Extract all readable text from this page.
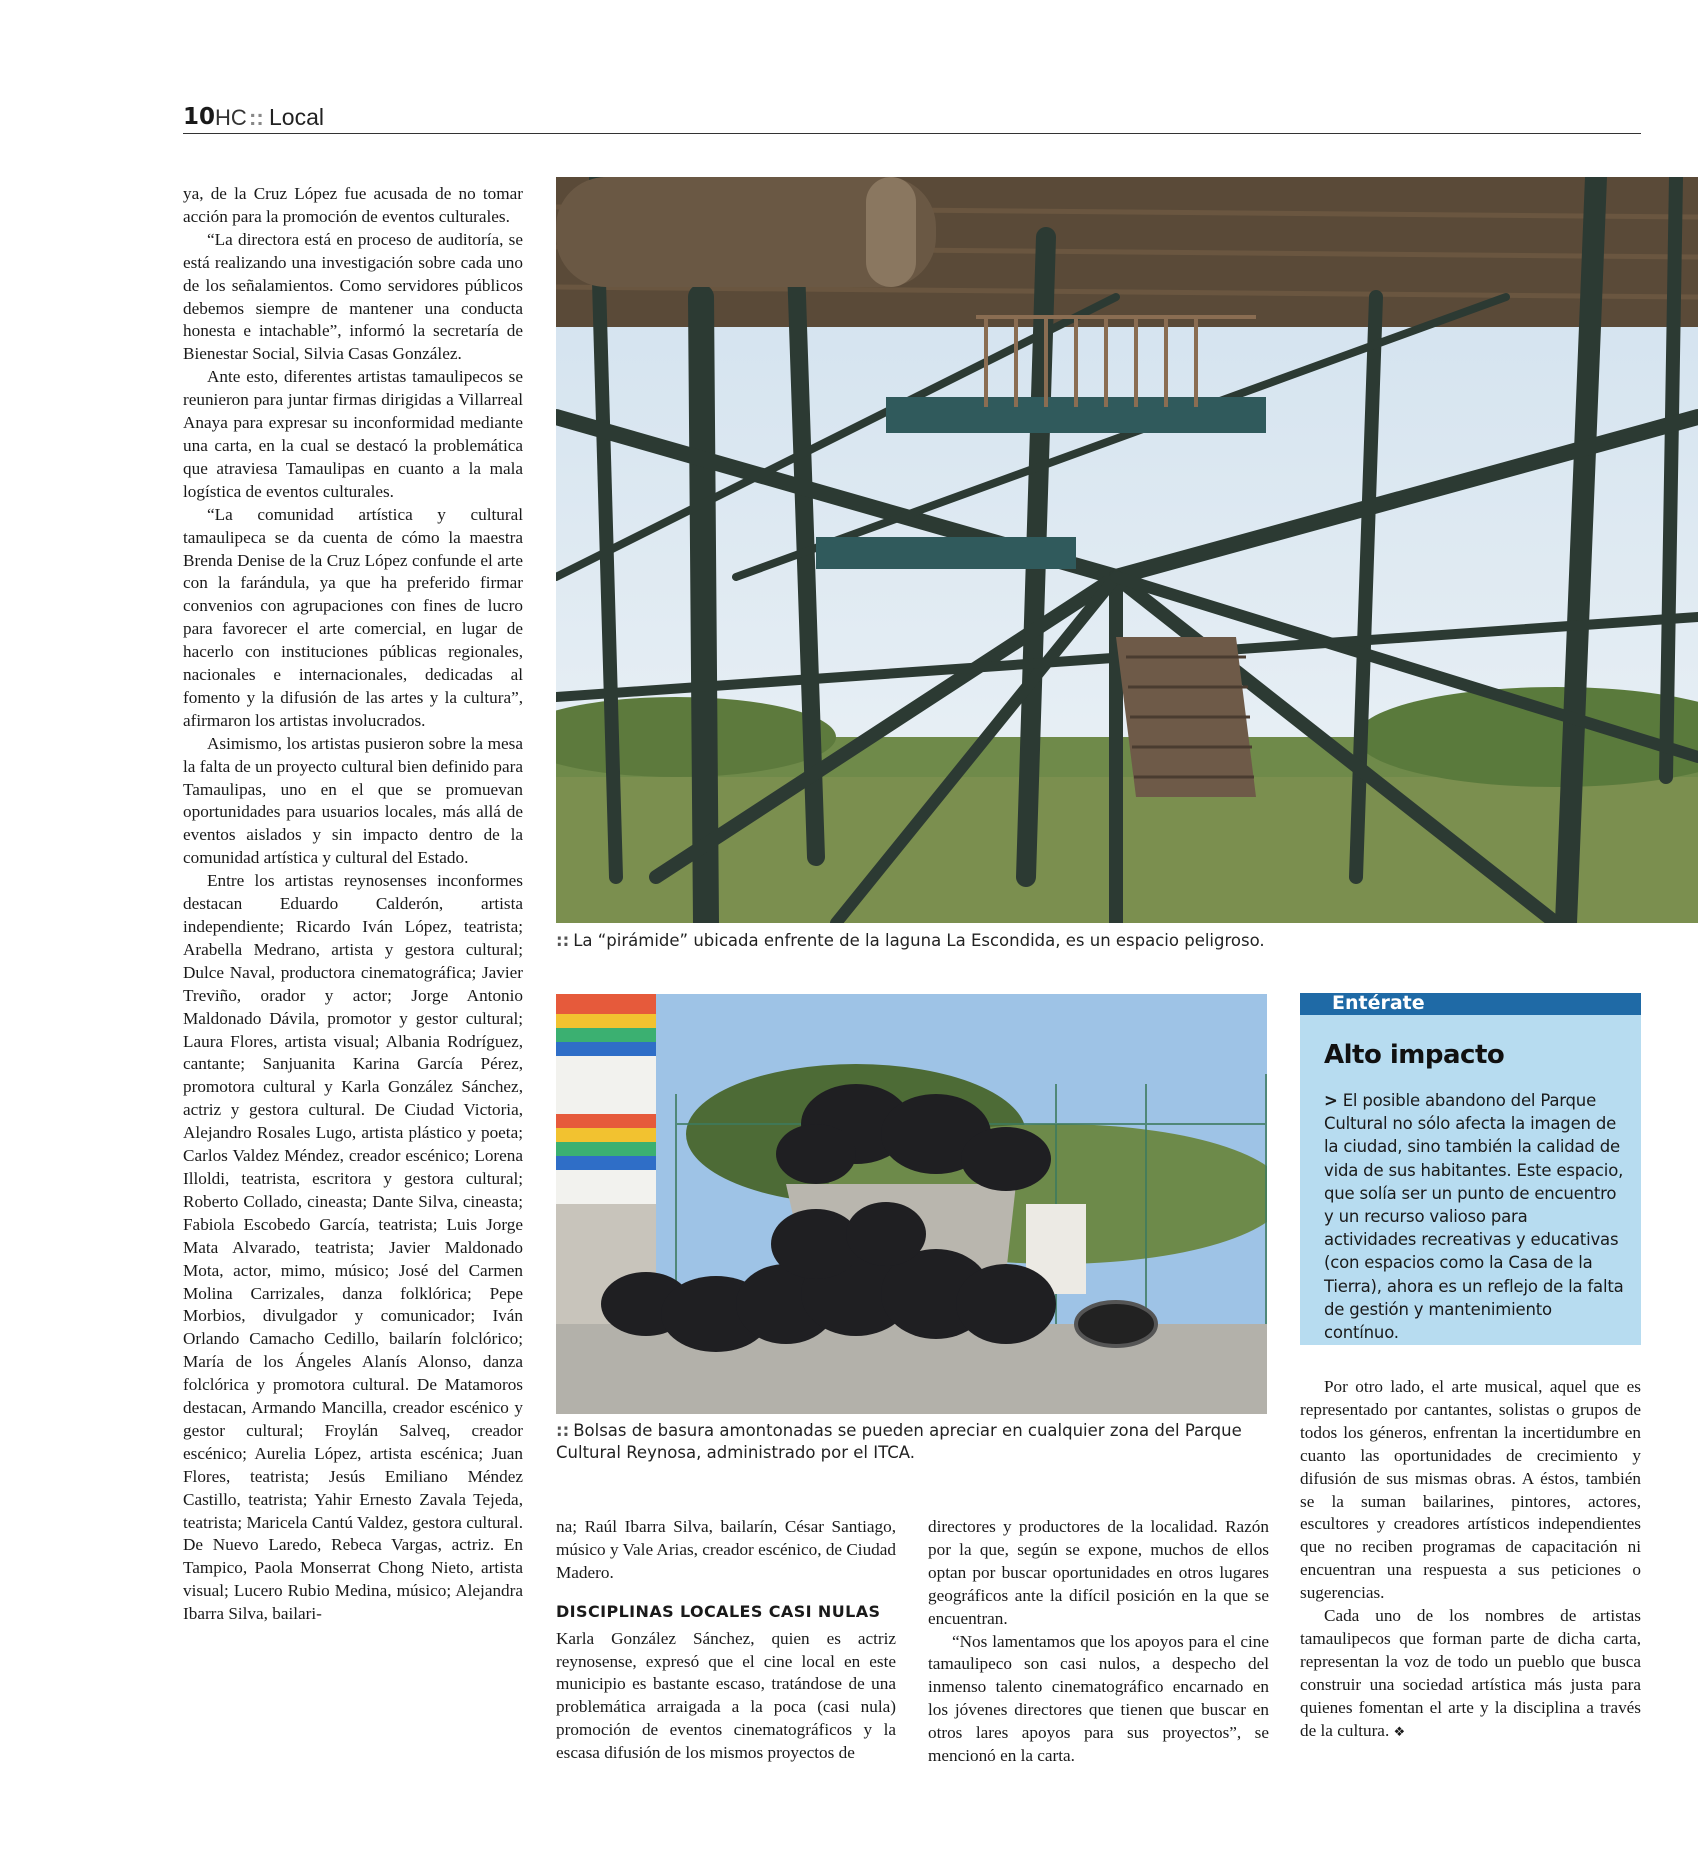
10 HC :: Local

ya, de la Cruz López fue acusada de no tomar acción para la promoción de eventos culturales.

“La directora está en proceso de auditoría, se está realizando una investigación sobre cada uno de los señalamientos. Como servidores públicos debemos siempre de mantener una conducta honesta e intachable”, informó la secretaría de Bienestar Social, Silvia Casas González.

Ante esto, diferentes artistas tamaulipecos se reunieron para juntar firmas dirigidas a Villarreal Anaya para expresar su inconformidad mediante una carta, en la cual se destacó la problemática que atraviesa Tamaulipas en cuanto a la mala logística de eventos culturales.

“La comunidad artística y cultural tamaulipeca se da cuenta de cómo la maestra Brenda Denise de la Cruz López confunde el arte con la farándula, ya que ha preferido firmar convenios con agrupaciones con fines de lucro para favorecer el arte comercial, en lugar de hacerlo con instituciones públicas regionales, nacionales e internacionales, dedicadas al fomento y la difusión de las artes y la cultura”, afirmaron los artistas involucrados.

Asimismo, los artistas pusieron sobre la mesa la falta de un proyecto cultural bien definido para Tamaulipas, uno en el que se promuevan oportunidades para usuarios locales, más allá de eventos aislados y sin impacto dentro de la comunidad artística y cultural del Estado.

Entre los artistas reynosenses inconformes destacan Eduardo Calderón, artista independiente; Ricardo Iván López, teatrista; Arabella Medrano, artista y gestora cultural; Dulce Naval, productora cinematográfica; Javier Treviño, orador y actor; Jorge Antonio Maldonado Dávila, promotor y gestor cultural; Laura Flores, artista visual; Albania Rodríguez, cantante; Sanjuanita Karina García Pérez, promotora cultural y Karla González Sánchez, actriz y gestora cultural. De Ciudad Victoria, Alejandro Rosales Lugo, artista plástico y poeta; Carlos Valdez Méndez, creador escénico; Lorena Illoldi, teatrista, escritora y gestora cultural; Roberto Collado, cineasta; Dante Silva, cineasta; Fabiola Escobedo García, teatrista; Luis Jorge Mata Alvarado, teatrista; Javier Maldonado Mota, actor, mimo, músico; José del Carmen Molina Carrizales, danza folklórica; Pepe Morbios, divulgador y comunicador; Iván Orlando Camacho Cedillo, bailarín folclórico; María de los Ángeles Alanís Alonso, danza folclórica y promotora cultural. De Matamoros destacan, Armando Mancilla, creador escénico y gestor cultural; Froylán Salveq, creador escénico; Aurelia López, artista escénica; Juan Flores, teatrista; Jesús Emiliano Méndez Castillo, teatrista; Yahir Ernesto Zavala Tejeda, teatrista; Maricela Cantú Valdez, gestora cultural. De Nuevo Laredo, Rebeca Vargas, actriz. En Tampico, Paola Monserrat Chong Nieto, artista visual; Lucero Rubio Medina, músico; Alejandra Ibarra Silva, bailari-

:: La “pirámide” ubicada enfrente de la laguna La Escondida, es un espacio peligroso.
:: Bolsas de basura amontonadas se pueden apreciar en cualquier zona del Parque Cultural Reynosa, administrado por el ITCA.
Entérate
Alto impacto
> El posible abandono del Parque Cultural no sólo afecta la imagen de la ciudad, sino también la calidad de vida de sus habitantes. Este espacio, que solía ser un punto de encuentro y un recurso valioso para actividades recreativas y educativas (con espacios como la Casa de la Tierra), ahora es un reflejo de la falta de gestión y mantenimiento contínuo.

na; Raúl Ibarra Silva, bailarín, César Santiago, músico y Vale Arias, creador escénico, de Ciudad Madero.

DISCIPLINAS LOCALES CASI NULAS

Karla González Sánchez, quien es actriz reynosense, expresó que el cine local en este municipio es bastante escaso, tratándose de una problemática arraigada a la poca (casi nula) promoción de eventos cinematográficos y la escasa difusión de los mismos proyectos de

directores y productores de la localidad. Razón por la que, según se expone, muchos de ellos optan por buscar oportunidades en otros lugares geográficos ante la difícil posición en la que se encuentran.

“Nos lamentamos que los apoyos para el cine tamaulipeco son casi nulos, a despecho del inmenso talento cinematográfico encarnado en los jóvenes directores que tienen que buscar en otros lares apoyos para sus proyectos”, se mencionó en la carta.

Por otro lado, el arte musical, aquel que es representado por cantantes, solistas o grupos de todos los géneros, enfrentan la incertidumbre en cuanto las oportunidades de crecimiento y difusión de sus mismas obras. A éstos, también se la suman bailarines, pintores, actores, escultores y creadores artísticos independientes que no reciben programas de capacitación ni encuentran una respuesta a sus peticiones o sugerencias.

Cada uno de los nombres de artistas tamaulipecos que forman parte de dicha carta, representan la voz de todo un pueblo que busca construir una sociedad artística más justa para quienes fomentan el arte y la disciplina a través de la cultura. ❖
